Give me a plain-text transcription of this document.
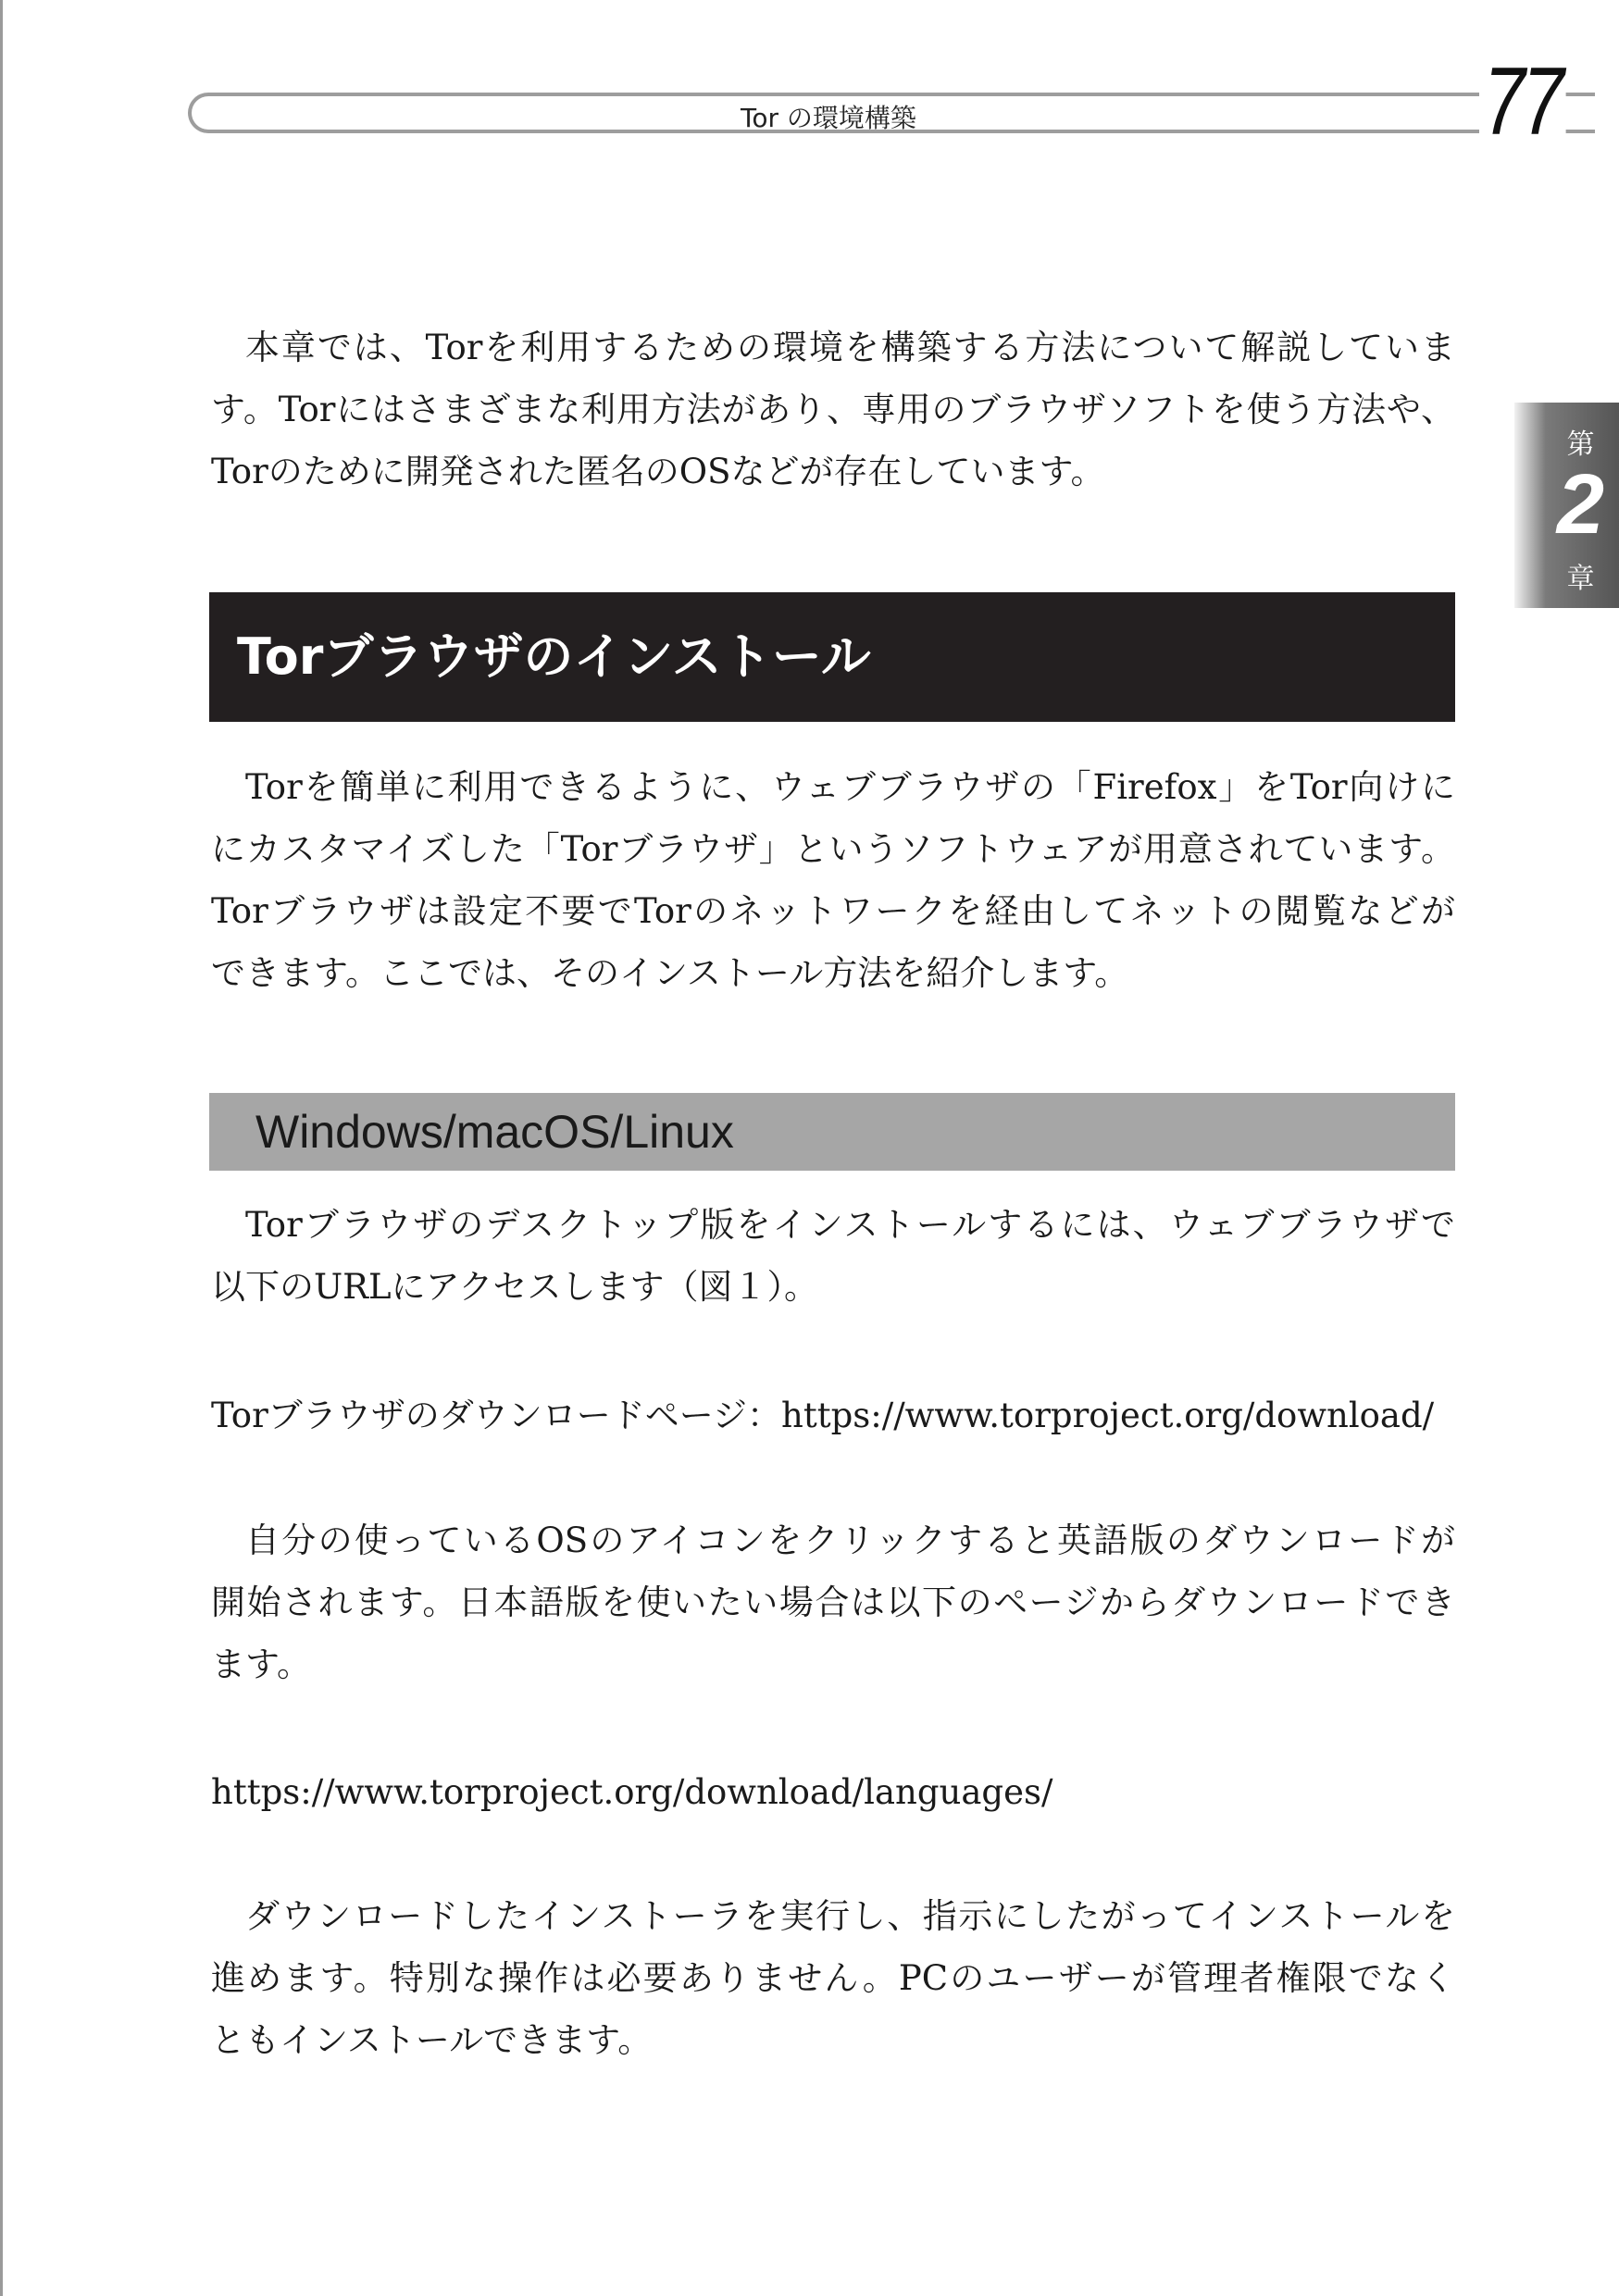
Tor の環境構築	77
第
2
章
本章では、Torを利用するための環境を構築する方法について解説していま
す。Torにはさまざまな利用方法があり、専用のブラウザソフトを使う方法や、
Torのために開発された匿名のOSなどが存在しています。
Torブラウザのインストール
Torを簡単に利用できるように、ウェブブラウザの「Firefox」をTor向けに
にカスタマイズした「Torブラウザ」というソフトウェアが用意されています。
Torブラウザは設定不要でTorのネットワークを経由してネットの閲覧などが
できます。ここでは、そのインストール方法を紹介します。
Windows/macOS/Linux
Torブラウザのデスクトップ版をインストールするには、ウェブブラウザで
以下のURLにアクセスします（図１）。
Torブラウザのダウンロードページ：https://www.torproject.org/download/
自分の使っているOSのアイコンをクリックすると英語版のダウンロードが
開始されます。日本語版を使いたい場合は以下のページからダウンロードでき
ます。
https://www.torproject.org/download/languages/
ダウンロードしたインストーラを実行し、指示にしたがってインストールを
進めます。特別な操作は必要ありません。PCのユーザーが管理者権限でなく
ともインストールできます。
